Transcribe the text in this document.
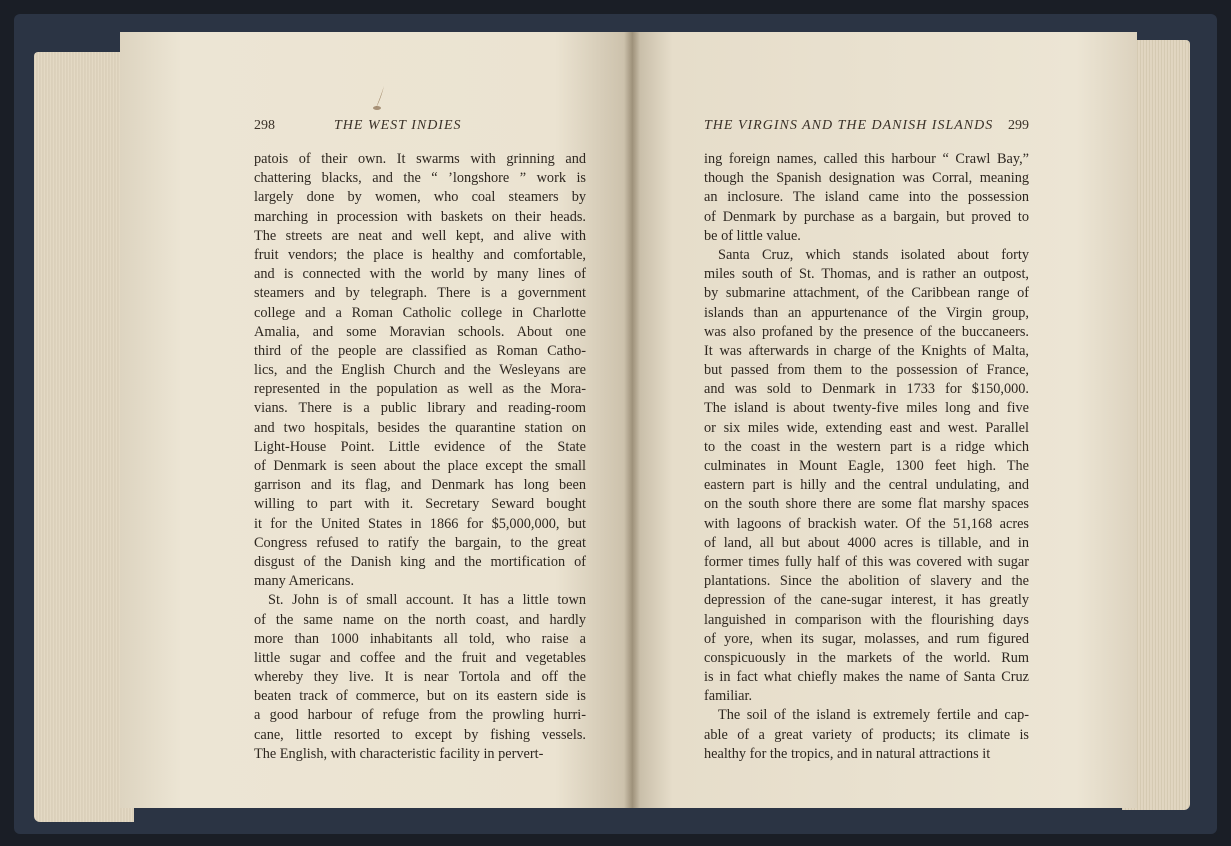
298	THE WEST INDIES	THE VIRGINS AND THE DANISH ISLANDS 299
patois of their own. It swarms with grinning and
chattering blacks, and the “ ’longshore ” work is
largely done by women, who coal steamers by
marching in procession with baskets on their heads.
The streets are neat and well kept, and alive with
fruit vendors; the place is healthy and comfortable,
and is connected with the world by many lines of
steamers and by telegraph. There is a government
college and a Roman Catholic college in Charlotte
Amalia, and some Moravian schools. About one
third of the people are classified as Roman Catho-
lics, and the English Church and the Wesleyans are
represented in the population as well as the Mora-
vians. There is a public library and reading-room
and two hospitals, besides the quarantine station on
Light-House Point. Little evidence of the State
of Denmark is seen about the place except the small
garrison and its flag, and Denmark has long been
willing to part with it. Secretary Seward bought
it for the United States in 1866 for $5,000,000, but
Congress refused to ratify the bargain, to the great
disgust of the Danish king and the mortification of
many Americans.
St. John is of small account. It has a little town
of the same name on the north coast, and hardly
more than 1000 inhabitants all told, who raise a
little sugar and coffee and the fruit and vegetables
whereby they live. It is near Tortola and off the
beaten track of commerce, but on its eastern side is
a good harbour of refuge from the prowling hurri-
cane, little resorted to except by fishing vessels.
The English, with characteristic facility in pervert-
ing foreign names, called this harbour “ Crawl Bay,”
though the Spanish designation was Corral, meaning
an inclosure. The island came into the possession
of Denmark by purchase as a bargain, but proved to
be of little value.
Santa Cruz, which stands isolated about forty
miles south of St. Thomas, and is rather an outpost,
by submarine attachment, of the Caribbean range of
islands than an appurtenance of the Virgin group,
was also profaned by the presence of the buccaneers.
It was afterwards in charge of the Knights of Malta,
but passed from them to the possession of France,
and was sold to Denmark in 1733 for $150,000.
The island is about twenty-five miles long and five
or six miles wide, extending east and west. Parallel
to the coast in the western part is a ridge which
culminates in Mount Eagle, 1300 feet high. The
eastern part is hilly and the central undulating, and
on the south shore there are some flat marshy spaces
with lagoons of brackish water. Of the 51,168 acres
of land, all but about 4000 acres is tillable, and in
former times fully half of this was covered with sugar
plantations. Since the abolition of slavery and the
depression of the cane-sugar interest, it has greatly
languished in comparison with the flourishing days
of yore, when its sugar, molasses, and rum figured
conspicuously in the markets of the world. Rum
is in fact what chiefly makes the name of Santa Cruz
familiar.
The soil of the island is extremely fertile and cap-
able of a great variety of products; its climate is
healthy for the tropics, and in natural attractions it
